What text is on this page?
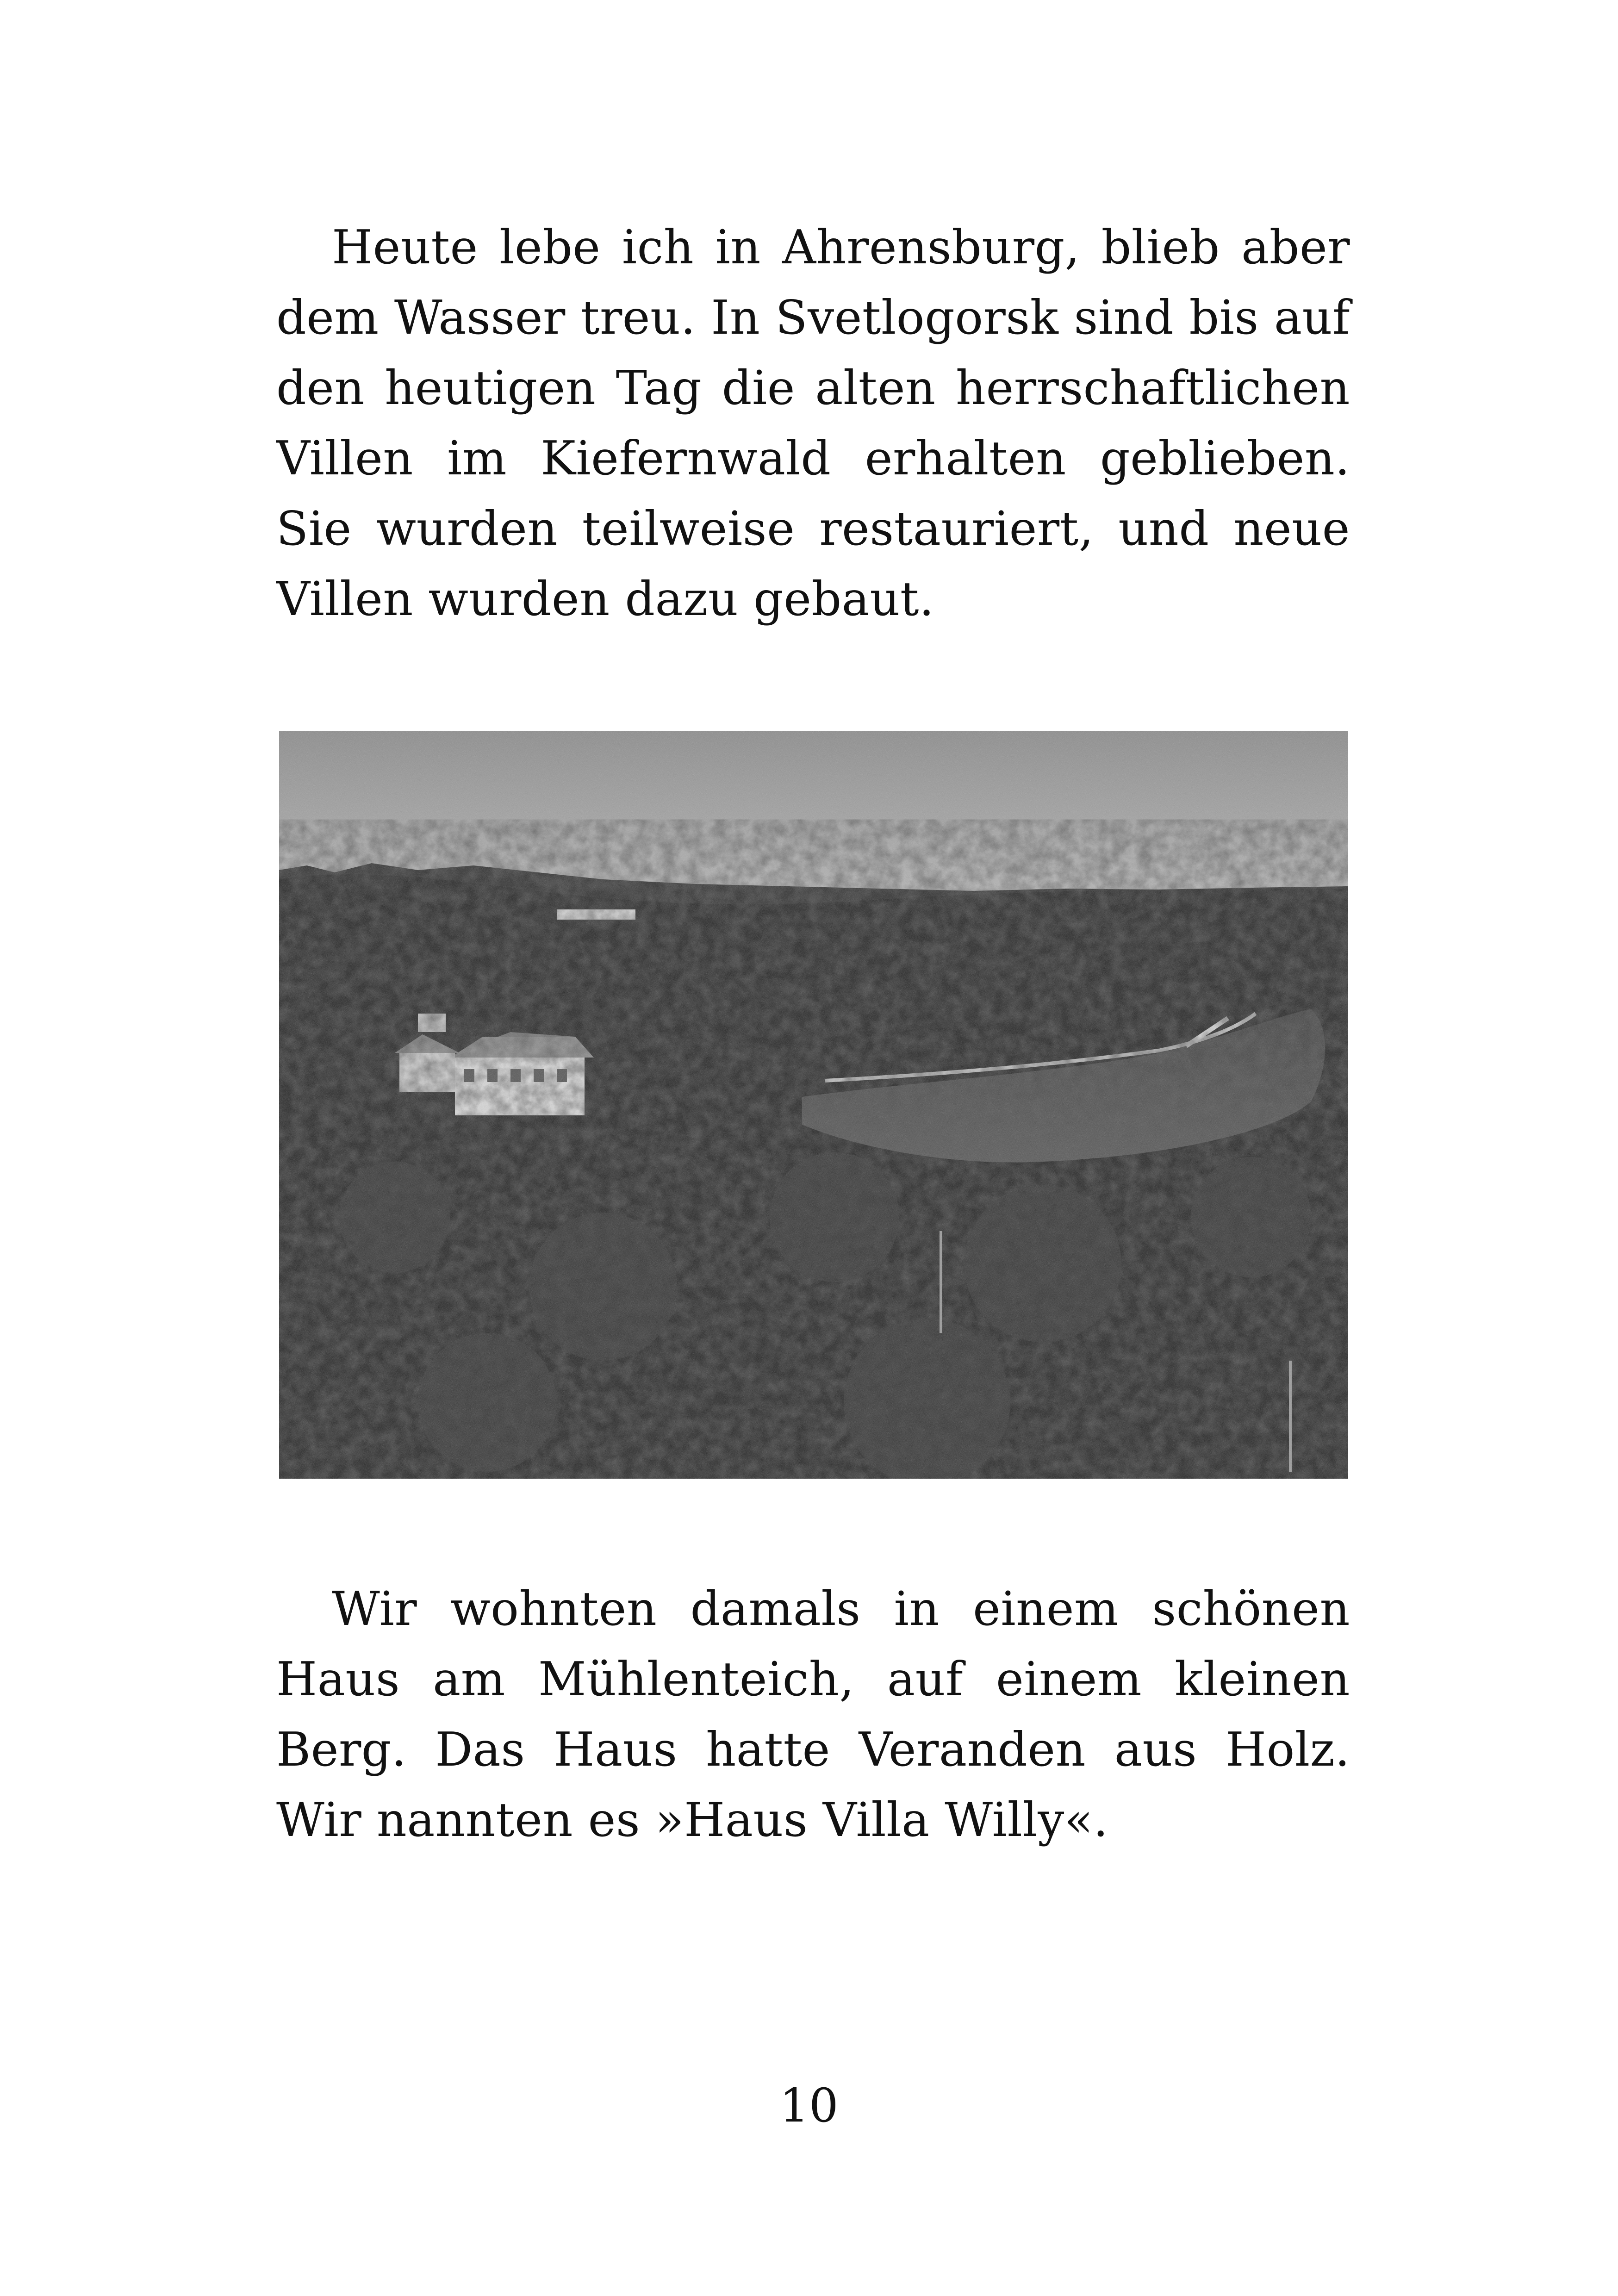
Heute lebe ich in Ahrensburg, blieb aber dem Wasser treu. In Svetlogorsk sind bis auf den heutigen Tag die alten herrschaftlichen Villen im Kiefernwald erhalten geblieben. Sie wurden teilweise restauriert, und neue Villen wurden dazu gebaut.

Wir wohnten damals in einem schönen Haus am Mühlenteich, auf einem kleinen Berg. Das Haus hatte Veranden aus Holz. Wir nannten es »Haus Villa Willy«.

10
